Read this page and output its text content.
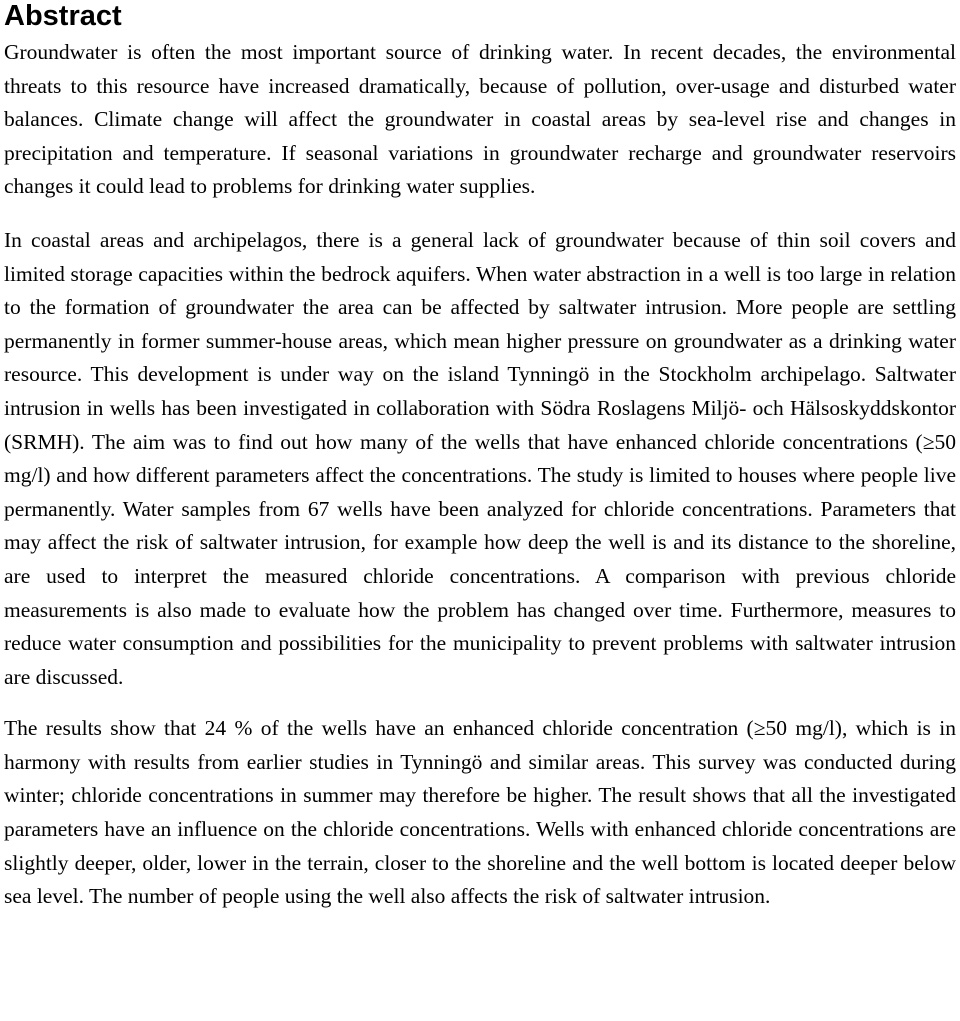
Abstract

Groundwater is often the most important source of drinking water. In recent decades, the environmental threats to this resource have increased dramatically, because of pollution, over-usage and disturbed water balances. Climate change will affect the groundwater in coastal areas by sea-level rise and changes in precipitation and temperature. If seasonal variations in groundwater recharge and groundwater reservoirs changes it could lead to problems for drinking water supplies.

In coastal areas and archipelagos, there is a general lack of groundwater because of thin soil covers and limited storage capacities within the bedrock aquifers. When water abstraction in a well is too large in relation to the formation of groundwater the area can be affected by saltwater intrusion. More people are settling permanently in former summer-house areas, which mean higher pressure on groundwater as a drinking water resource. This development is under way on the island Tynningö in the Stockholm archipelago. Saltwater intrusion in wells has been investigated in collaboration with Södra Roslagens Miljö- och Hälsoskyddskontor (SRMH). The aim was to find out how many of the wells that have enhanced chloride concentrations (≥50 mg/l) and how different parameters affect the concentrations. The study is limited to houses where people live permanently. Water samples from 67 wells have been analyzed for chloride concentrations. Parameters that may affect the risk of saltwater intrusion, for example how deep the well is and its distance to the shoreline, are used to interpret the measured chloride concentrations. A comparison with previous chloride measurements is also made to evaluate how the problem has changed over time. Furthermore, measures to reduce water consumption and possibilities for the municipality to prevent problems with saltwater intrusion are discussed.

The results show that 24 % of the wells have an enhanced chloride concentration (≥50 mg/l), which is in harmony with results from earlier studies in Tynningö and similar areas. This survey was conducted during winter; chloride concentrations in summer may therefore be higher. The result shows that all the investigated parameters have an influence on the chloride concentrations. Wells with enhanced chloride concentrations are slightly deeper, older, lower in the terrain, closer to the shoreline and the well bottom is located deeper below sea level. The number of people using the well also affects the risk of saltwater intrusion.
